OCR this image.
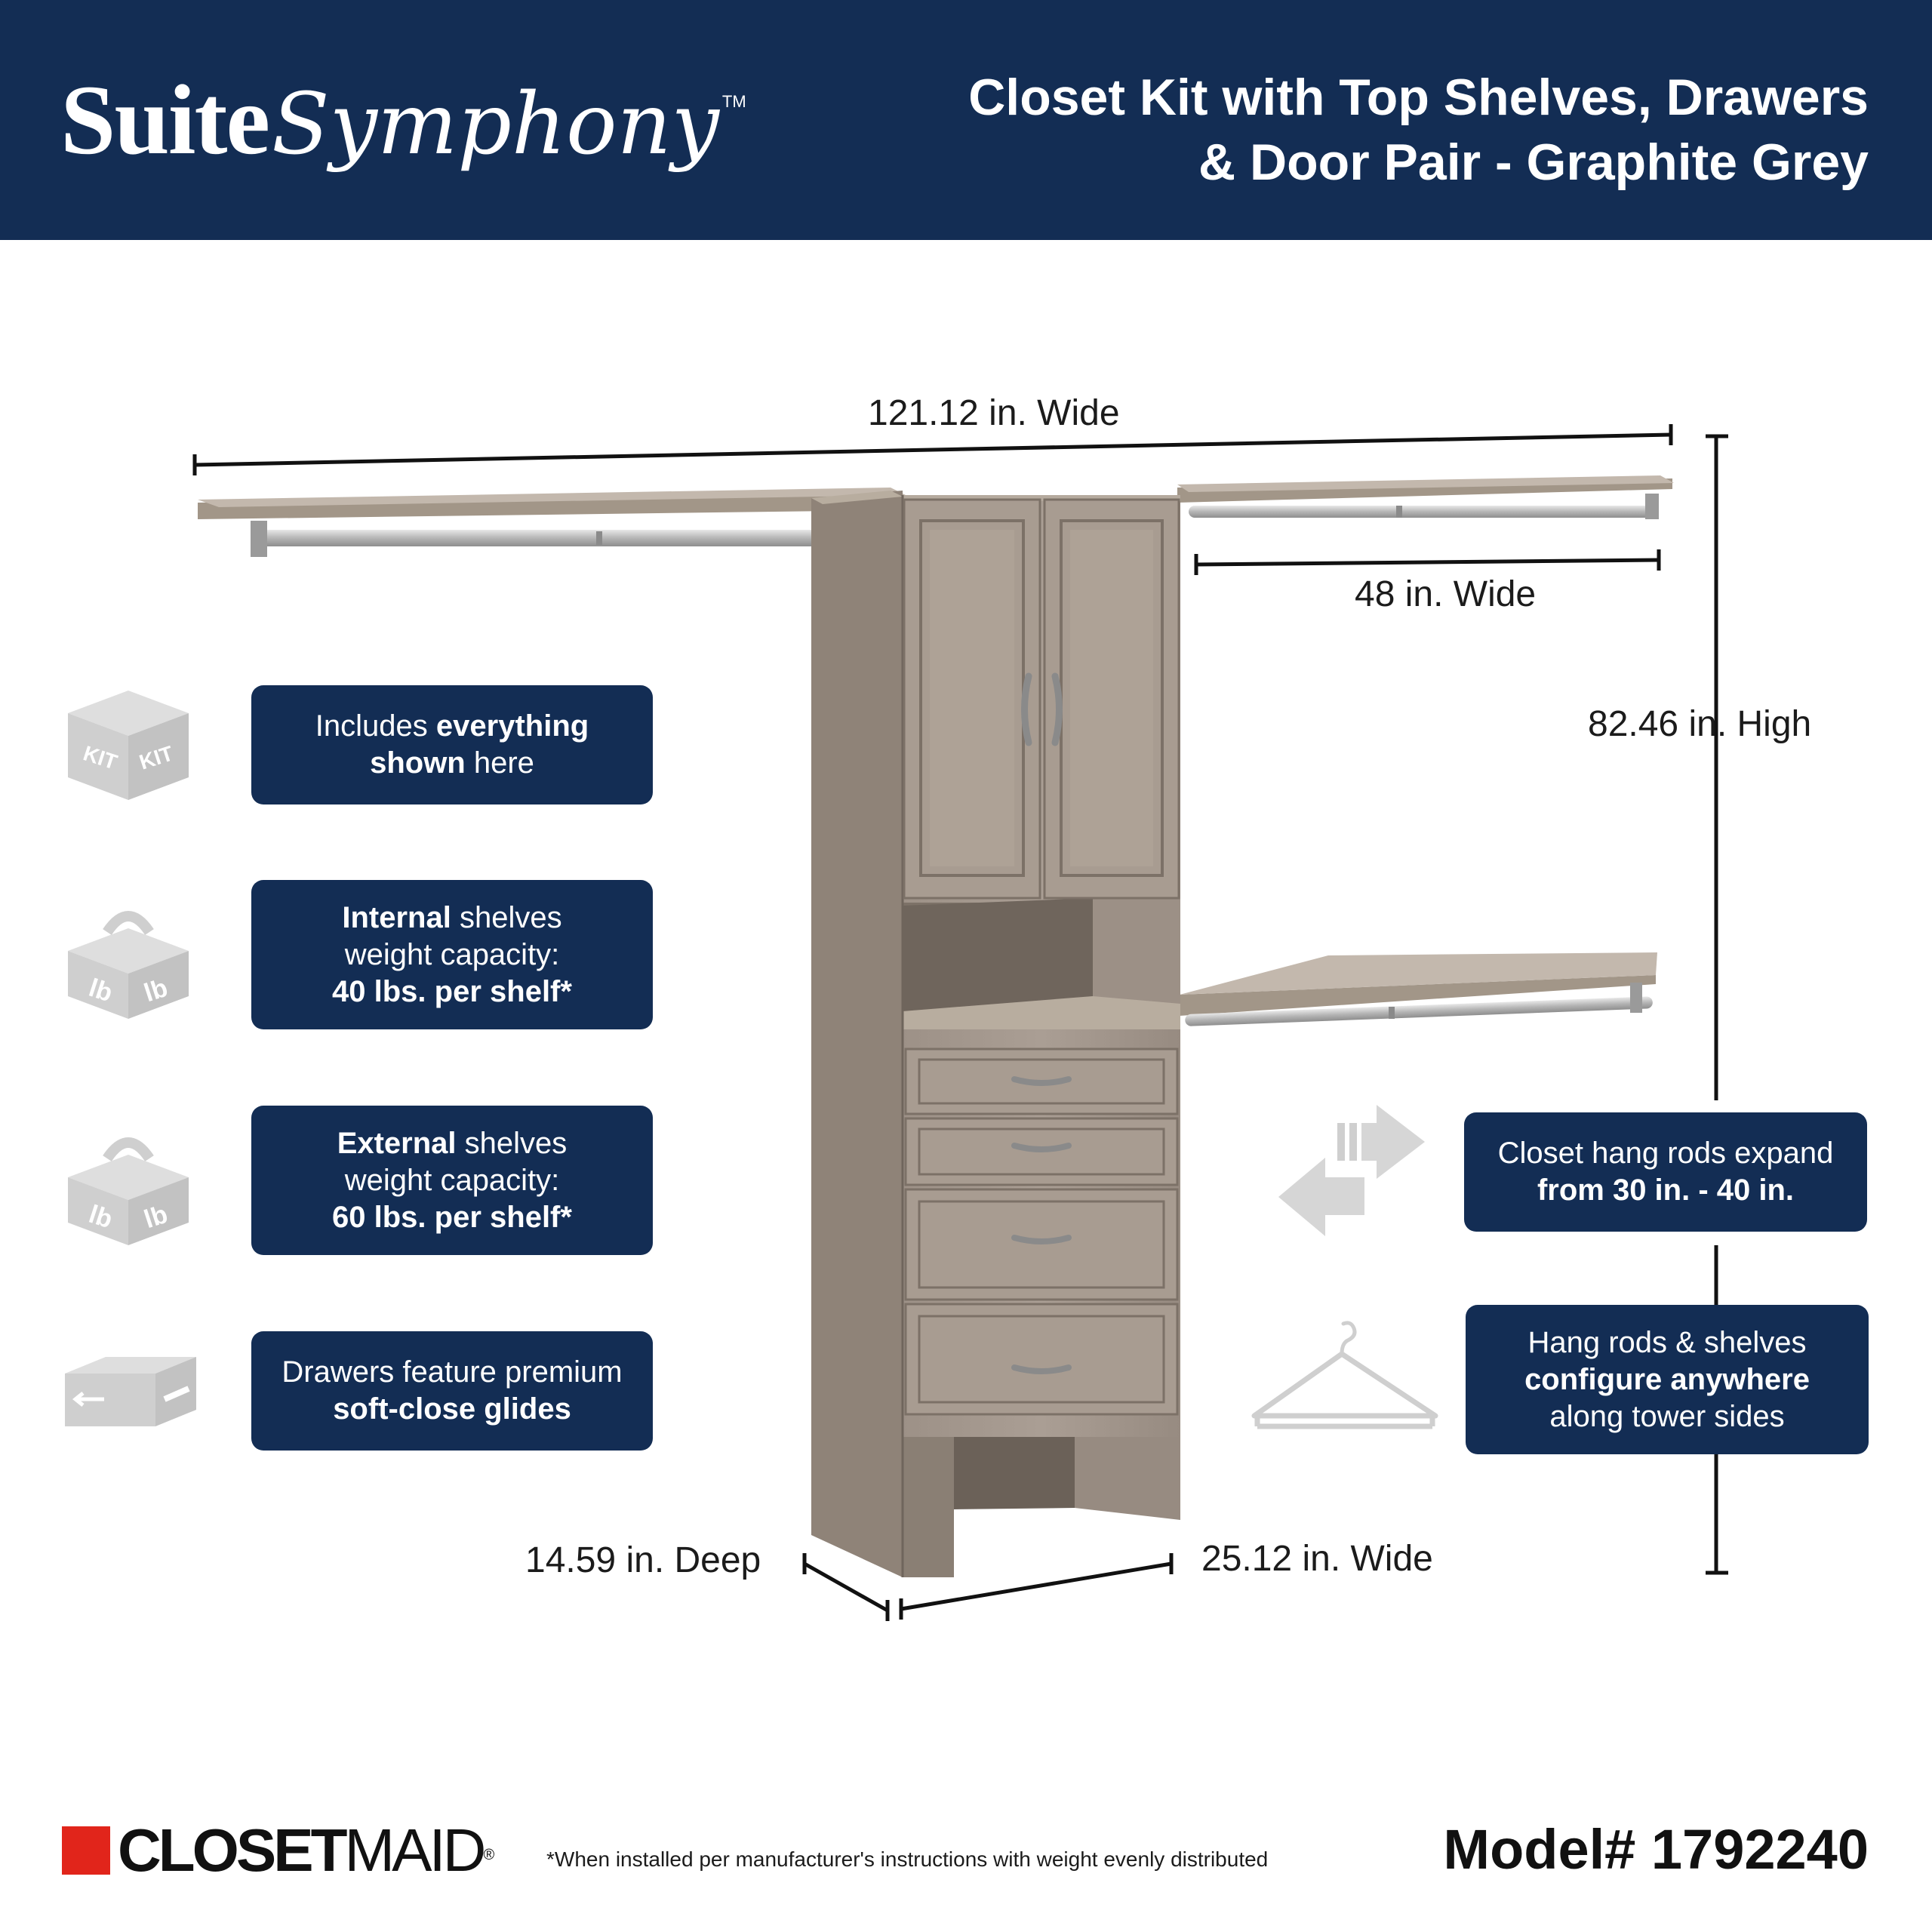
SuiteSymphony TM	Closet Kit with Top Shelves, Drawers
& Door Pair - Graphite Grey
121.12 in. Wide
48 in. Wide
82.46 in. High
14.59 in. Deep	25.12 in. Wide
KIT KIT
lb lb
lb lb
Includes everything
shown here
Internal shelves
weight capacity:
40 lbs. per shelf*
External shelves
weight capacity:
60 lbs. per shelf*
Drawers feature premium
soft-close glides
Closet hang rods expand
from 30 in. - 40 in.
Hang rods & shelves
configure anywhere
along tower sides
CLOSETMAID®	*When installed per manufacturer's instructions with weight evenly distributed	Model# 1792240
